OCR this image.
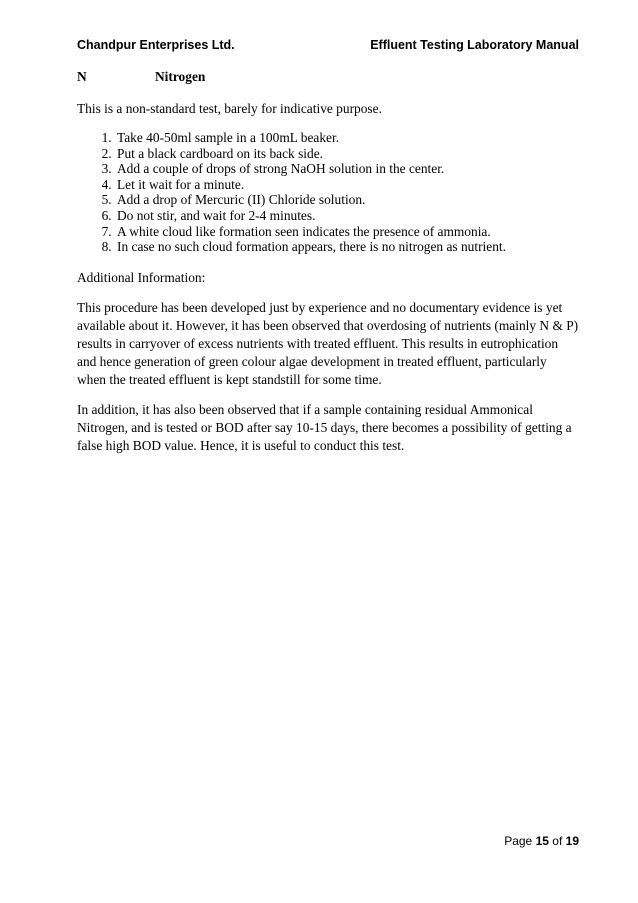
Chandpur Enterprises Ltd.	Effluent Testing Laboratory Manual
N	Nitrogen

This is a non-standard test, barely for indicative purpose.

1. Take 40-50ml sample in a 100mL beaker.
2. Put a black cardboard on its back side.
3. Add a couple of drops of strong NaOH solution in the center.
4. Let it wait for a minute.
5. Add a drop of Mercuric (II) Chloride solution.
6. Do not stir, and wait for 2-4 minutes.
7. A white cloud like formation seen indicates the presence of ammonia.
8. In case no such cloud formation appears, there is no nitrogen as nutrient.

Additional Information:

This procedure has been developed just by experience and no documentary evidence is yet available about it. However, it has been observed that overdosing of nutrients (mainly N & P) results in carryover of excess nutrients with treated effluent. This results in eutrophication and hence generation of green colour algae development in treated effluent, particularly when the treated effluent is kept standstill for some time.

In addition, it has also been observed that if a sample containing residual Ammonical Nitrogen, and is tested or BOD after say 10-15 days, there becomes a possibility of getting a false high BOD value. Hence, it is useful to conduct this test.

Page 15 of 19
